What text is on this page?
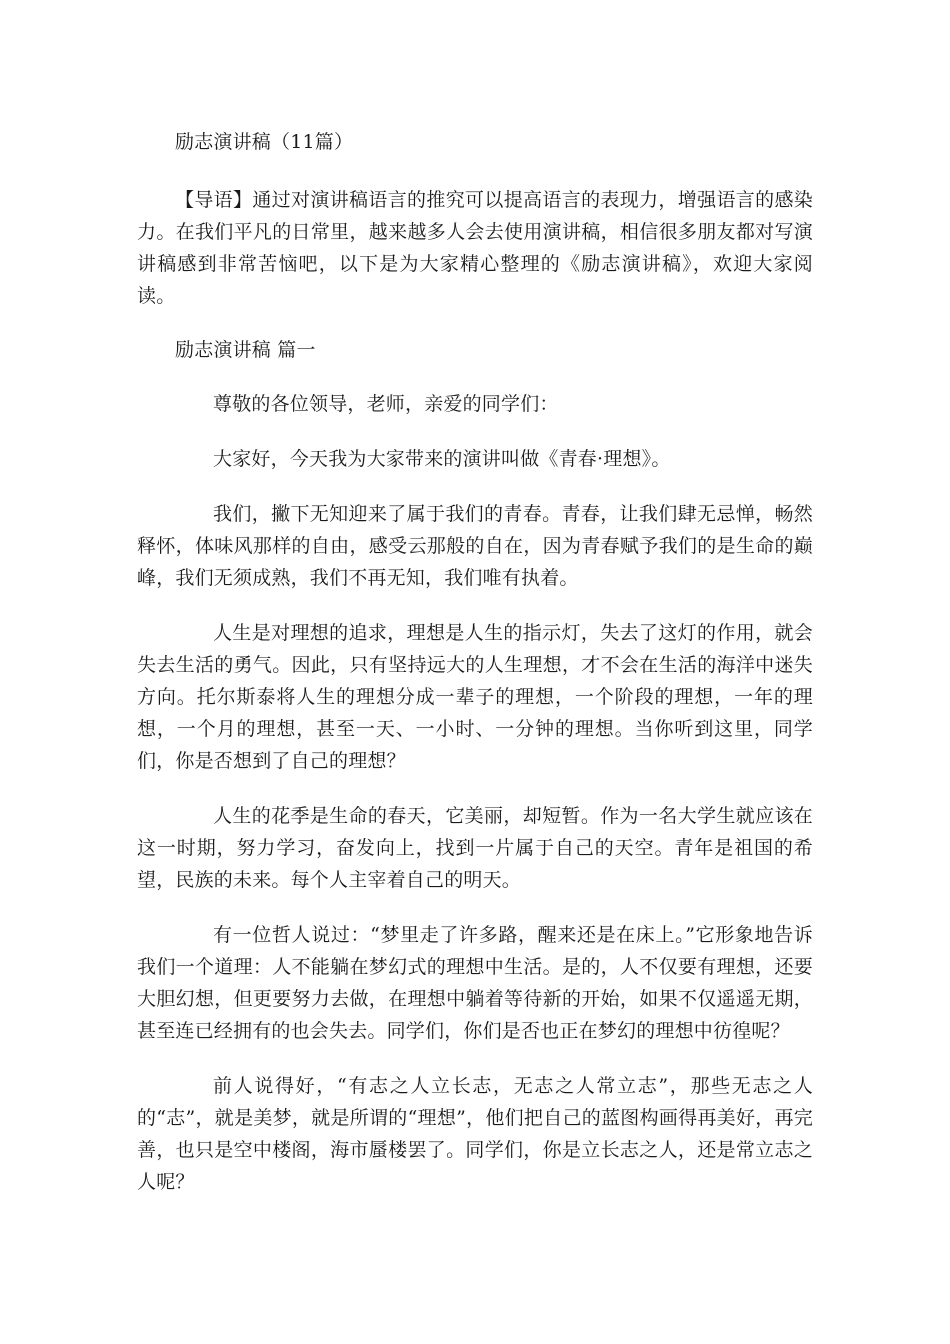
励志演讲稿（11篇）

【导语】通过对演讲稿语言的推究可以提高语言的表现力，增强语言的感染力。在我们平凡的日常里，越来越多人会去使用演讲稿，相信很多朋友都对写演讲稿感到非常苦恼吧，以下是为大家精心整理的《励志演讲稿》，欢迎大家阅读。

励志演讲稿 篇一

尊敬的各位领导，老师，亲爱的同学们：

大家好，今天我为大家带来的演讲叫做《青春·理想》。

我们，撇下无知迎来了属于我们的青春。青春，让我们肆无忌惮，畅然释怀，体味风那样的自由，感受云那般的自在，因为青春赋予我们的是生命的巅峰，我们无须成熟，我们不再无知，我们唯有执着。

人生是对理想的追求，理想是人生的指示灯，失去了这灯的作用，就会失去生活的勇气。因此，只有坚持远大的人生理想，才不会在生活的海洋中迷失方向。托尔斯泰将人生的理想分成一辈子的理想，一个阶段的理想，一年的理想，一个月的理想，甚至一天、一小时、一分钟的理想。当你听到这里，同学们，你是否想到了自己的理想？

人生的花季是生命的春天，它美丽，却短暂。作为一名大学生就应该在这一时期，努力学习，奋发向上，找到一片属于自己的天空。青年是祖国的希望，民族的未来。每个人主宰着自己的明天。

有一位哲人说过：“梦里走了许多路，醒来还是在床上。”它形象地告诉我们一个道理：人不能躺在梦幻式的理想中生活。是的，人不仅要有理想，还要大胆幻想，但更要努力去做，在理想中躺着等待新的开始，如果不仅遥遥无期，甚至连已经拥有的也会失去。同学们，你们是否也正在梦幻的理想中彷徨呢？

前人说得好，“有志之人立长志，无志之人常立志”，那些无志之人的“志”，就是美梦，就是所谓的“理想”，他们把自己的蓝图构画得再美好，再完善，也只是空中楼阁，海市蜃楼罢了。同学们，你是立长志之人，还是常立志之人呢？
